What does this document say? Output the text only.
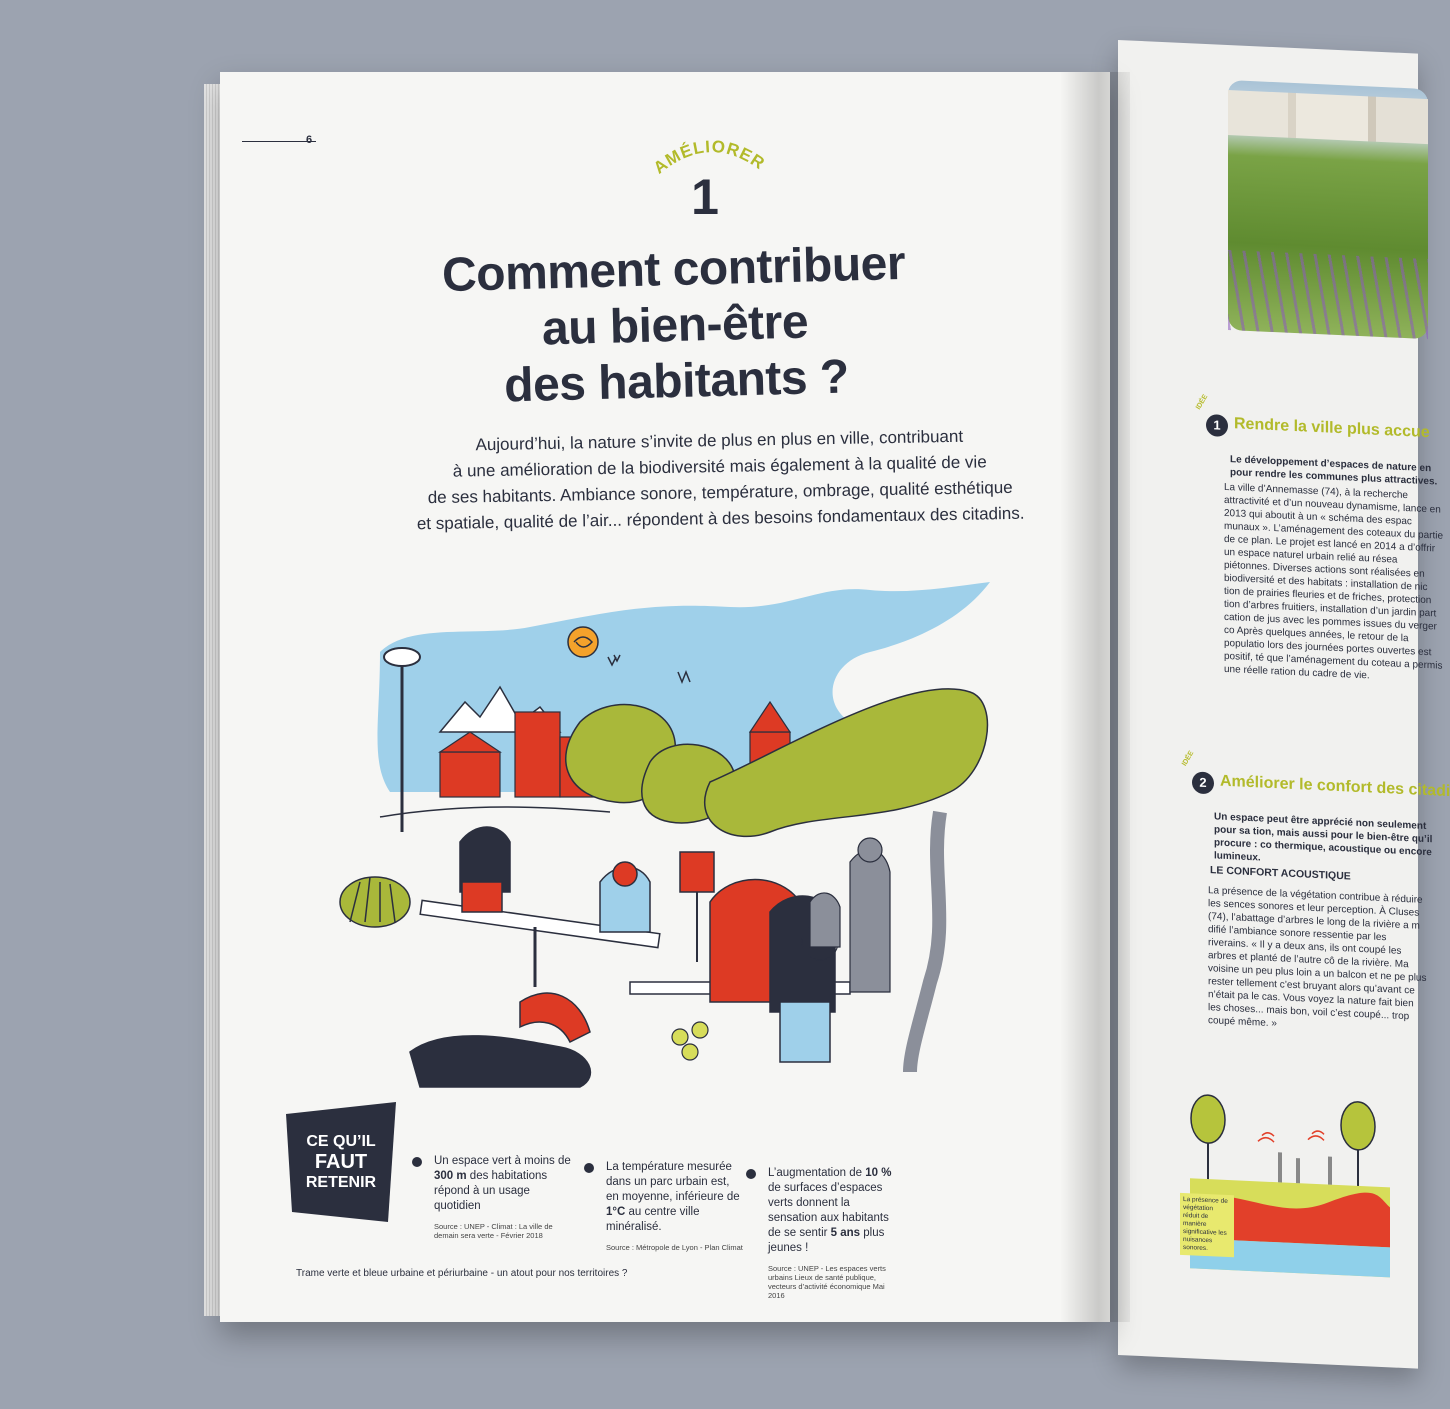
IDÉE
1 Rendre la ville plus accue
Le développement d’espaces de nature en pour rendre les communes plus attractives.
La ville d’Annemasse (74), à la recherche attractivité et d’un nouveau dynamisme, lance en 2013 qui aboutit à un « schéma des espac munaux ». L’aménagement des coteaux du partie de ce plan. Le projet est lancé en 2014 a d’offrir un espace naturel urbain relié au résea piétonnes. Diverses actions sont réalisées en biodiversité et des habitats : installation de nic tion de prairies fleuries et de friches, protection tion d’arbres fruitiers, installation d’un jardin part cation de jus avec les pommes issues du verger co Après quelques années, le retour de la populatio lors des journées portes ouvertes est positif, té que l’aménagement du coteau a permis une réelle ration du cadre de vie.
IDÉE
2 Améliorer le confort des citadi
Un espace peut être apprécié non seulement pour sa tion, mais aussi pour le bien-être qu’il procure : co thermique, acoustique ou encore lumineux.
LE CONFORT ACOUSTIQUE
La présence de la végétation contribue à réduire les sences sonores et leur perception. À Cluses (74), l’abattage d’arbres le long de la rivière a m difié l’ambiance sonore ressentie par les riverains. « Il y a deux ans, ils ont coupé les arbres et planté de l’autre cô de la rivière. Ma voisine un peu plus loin a un balcon et ne pe plus rester tellement c’est bruyant alors qu’avant ce n’était pa le cas. Vous voyez la nature fait bien les choses... mais bon, voil c’est coupé... trop coupé même. »
La présence de végétation réduit de manière significative les nuisances sonores.
6
AMÉLIORER
1
Comment contribuer
au bien-être
des habitants ?
Aujourd’hui, la nature s’invite de plus en plus en ville, contribuant
à une amélioration de la biodiversité mais également à la qualité de vie
de ses habitants. Ambiance sonore, température, ombrage, qualité esthétique
et spatiale, qualité de l’air... répondent à des besoins fondamentaux des citadins.
CE QU’IL
FAUT
RETENIR
Un espace vert à moins de 300 m des habitations répond à un usage quotidien
Source : UNEP - Climat : La ville de demain sera verte - Février 2018
La température mesurée dans un parc urbain est, en moyenne, inférieure de 1°C au centre ville minéralisé.
Source : Métropole de Lyon - Plan Climat
L’augmentation de 10 % de surfaces d’espaces verts donnent la sensation aux habitants de se sentir 5 ans plus jeunes !
Source : UNEP - Les espaces verts urbains Lieux de santé publique, vecteurs d’activité économique Mai 2016
Trame verte et bleue urbaine et périurbaine - un atout pour nos territoires ?
